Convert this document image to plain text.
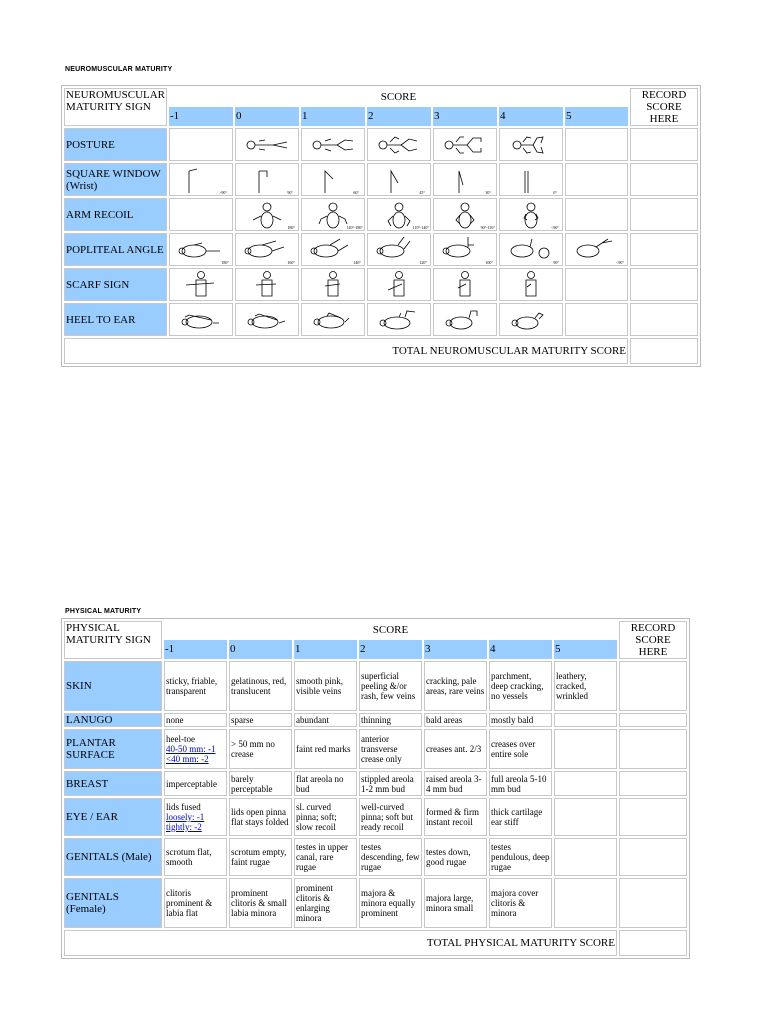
NEUROMUSCULAR MATURITY
NEUROMUSCULAR MATURITY SIGN	SCORE							RECORD SCORE HERE
	-1	0	1	2	3	4	5	
POSTURE		

SQUARE WINDOW (Wrist)	>90°	90°	60°	45°	30°	0°		

ARM RECOIL		180°	140°-180°	110°-140°	90°-110°	<90°		

POPLITEAL ANGLE	180°	160°	140°	120°	100°	90°	<90°	

SCARF SIGN	

HEEL TO EAR	

TOTAL NEUROMUSCULAR MATURITY SCORE								
PHYSICAL MATURITY
PHYSICAL MATURITY SIGN	SCORE							RECORD SCORE HERE
	-1	0	1	2	3	4	5	
SKIN	sticky, friable, transparent	gelatinous, red, translucent	smooth pink, visible veins	superficial peeling &/or rash, few veins	cracking, pale areas, rare veins	parchment, deep cracking, no vessels	leathery, cracked, wrinkled	
LANUGO	none	sparse	abundant	thinning	bald areas	mostly bald		
PLANTAR SURFACE	heel-toe
40-50 mm: -1
<40 mm: -2	> 50 mm no crease	faint red marks	anterior transverse crease only	creases ant. 2/3	creases over entire sole		
BREAST	imperceptable	barely perceptable	flat areola no bud	stippled areola 1-2 mm bud	raised areola 3-4 mm bud	full areola 5-10 mm bud		
EYE / EAR	lids fused
loosely: -1
tightly: -2	lids open pinna flat stays folded	sl. curved pinna; soft; slow recoil	well-curved pinna; soft but ready recoil	formed & firm instant recoil	thick cartilage ear stiff		
GENITALS (Male)	scrotum flat, smooth	scrotum empty, faint rugae	testes in upper canal, rare rugae	testes descending, few rugae	testes down, good rugae	testes pendulous, deep rugae		
GENITALS (Female)	clitoris prominent & labia flat	prominent clitoris & small labia minora	prominent clitoris & enlarging minora	majora & minora equally prominent	majora large, minora small	majora cover clitoris & minora		
TOTAL PHYSICAL MATURITY SCORE								
